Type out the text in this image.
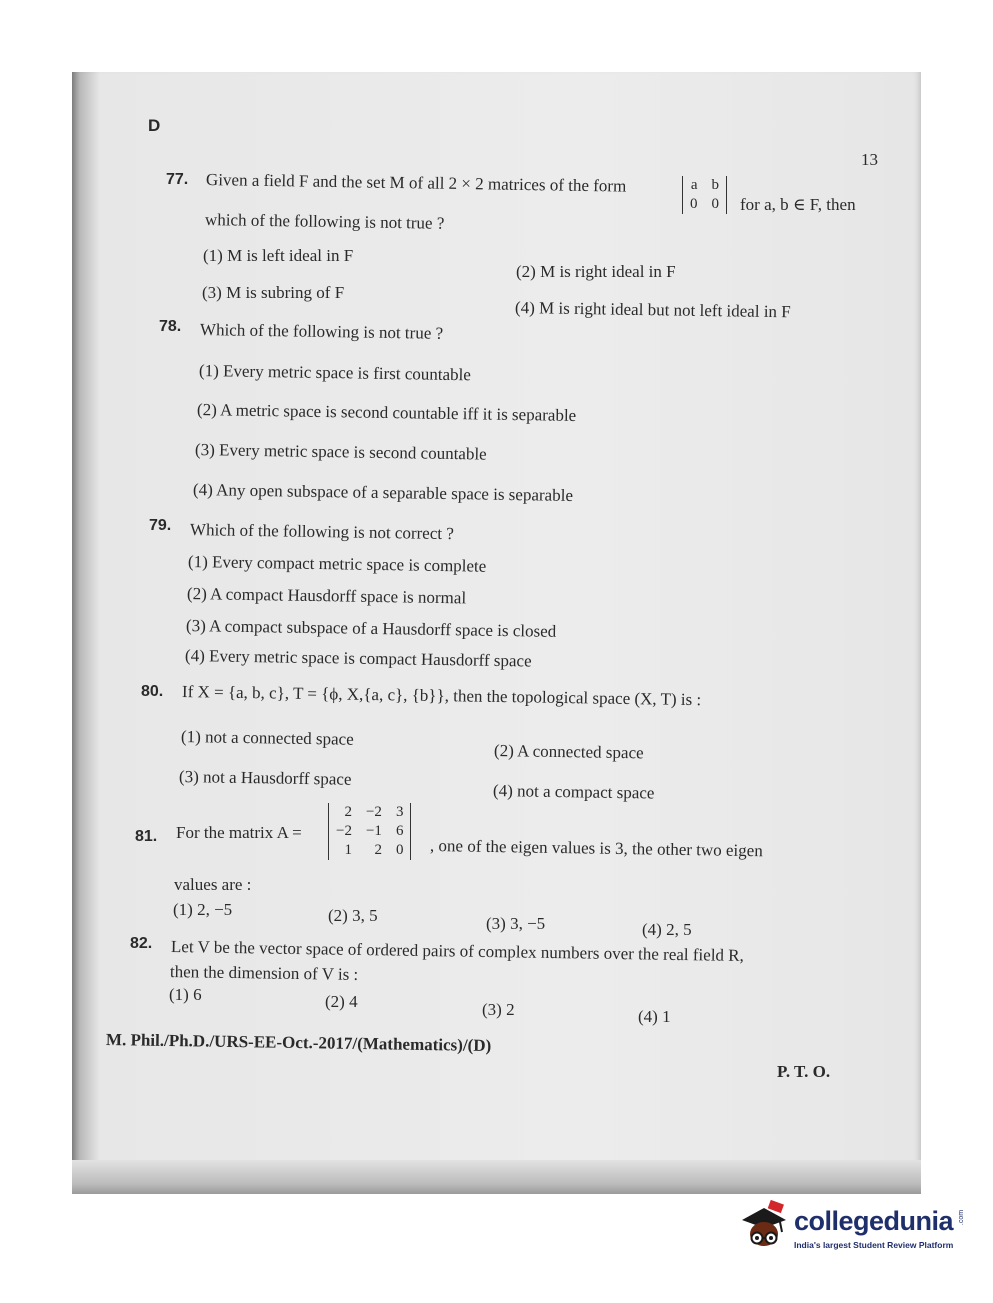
D
13
77. Given a field F and the set M of all 2 × 2 matrices of the form	a	b
0	0 for a, b ∈ F, then
which of the following is not true ?
(1) M is left ideal in F
(2) M is right ideal in F
(3) M is subring of F
(4) M is right ideal but not left ideal in F
78. Which of the following is not true ?
(1) Every metric space is first countable
(2) A metric space is second countable iff it is separable
(3) Every metric space is second countable
(4) Any open subspace of a separable space is separable
79. Which of the following is not correct ?
(1) Every compact metric space is complete
(2) A compact Hausdorff space is normal
(3) A compact subspace of a Hausdorff space is closed
(4) Every metric space is compact Hausdorff space
80. If X = {a, b, c}, T = {ϕ, X,{a, c}, {b}}, then the topological space (X, T) is :
(1) not a connected space
(2) A connected space
(3) not a Hausdorff space
(4) not a compact space
81. For the matrix A =
2	−2	3
−2	−1	6
1	2	0 , one of the eigen values is 3, the other two eigen
values are :
(1) 2, −5	(2) 3, 5	(3) 3, −5	(4) 2, 5
82. Let V be the vector space of ordered pairs of complex numbers over the real field R,
then the dimension of V is :
(1) 6	(2) 4	(3) 2	(4) 1
M. Phil./Ph.D./URS-EE-Oct.-2017/(Mathematics)/(D)
P. T. O.
collegedunia .com
India's largest Student Review Platform
